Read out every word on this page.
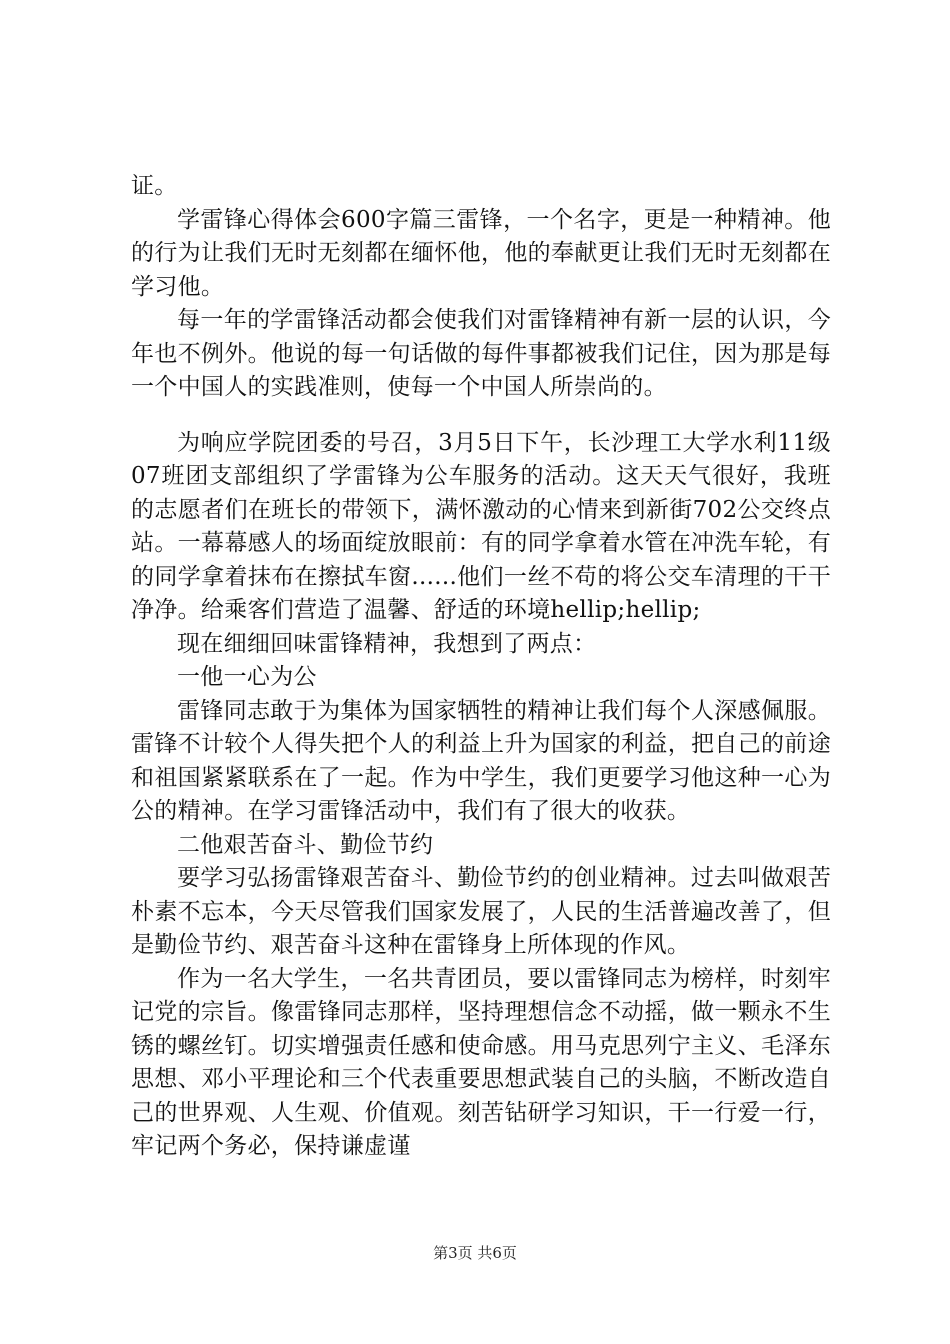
证。

学雷锋心得体会600字篇三雷锋，一个名字，更是一种精神。他的行为让我们无时无刻都在缅怀他，他的奉献更让我们无时无刻都在学习他。

每一年的学雷锋活动都会使我们对雷锋精神有新一层的认识，今年也不例外。他说的每一句话做的每件事都被我们记住，因为那是每一个中国人的实践准则，使每一个中国人所崇尚的。

为响应学院团委的号召，3月5日下午，长沙理工大学水利11级07班团支部组织了学雷锋为公车服务的活动。这天天气很好，我班的志愿者们在班长的带领下，满怀激动的心情来到新街702公交终点站。一幕幕感人的场面绽放眼前：有的同学拿着水管在冲洗车轮，有的同学拿着抹布在擦拭车窗......他们一丝不苟的将公交车清理的干干净净。给乘客们营造了温馨、舒适的环境hellip;hellip;

现在细细回味雷锋精神，我想到了两点：

一他一心为公

雷锋同志敢于为集体为国家牺牲的精神让我们每个人深感佩服。雷锋不计较个人得失把个人的利益上升为国家的利益，把自己的前途和祖国紧紧联系在了一起。作为中学生，我们更要学习他这种一心为公的精神。在学习雷锋活动中，我们有了很大的收获。

二他艰苦奋斗、勤俭节约

要学习弘扬雷锋艰苦奋斗、勤俭节约的创业精神。过去叫做艰苦朴素不忘本，今天尽管我们国家发展了，人民的生活普遍改善了，但是勤俭节约、艰苦奋斗这种在雷锋身上所体现的作风。

作为一名大学生，一名共青团员，要以雷锋同志为榜样，时刻牢记党的宗旨。像雷锋同志那样，坚持理想信念不动摇，做一颗永不生锈的螺丝钉。切实增强责任感和使命感。用马克思列宁主义、毛泽东思想、邓小平理论和三个代表重要思想武装自己的头脑，不断改造自己的世界观、人生观、价值观。刻苦钻研学习知识，干一行爱一行，牢记两个务必，保持谦虚谨

第3页 共6页
